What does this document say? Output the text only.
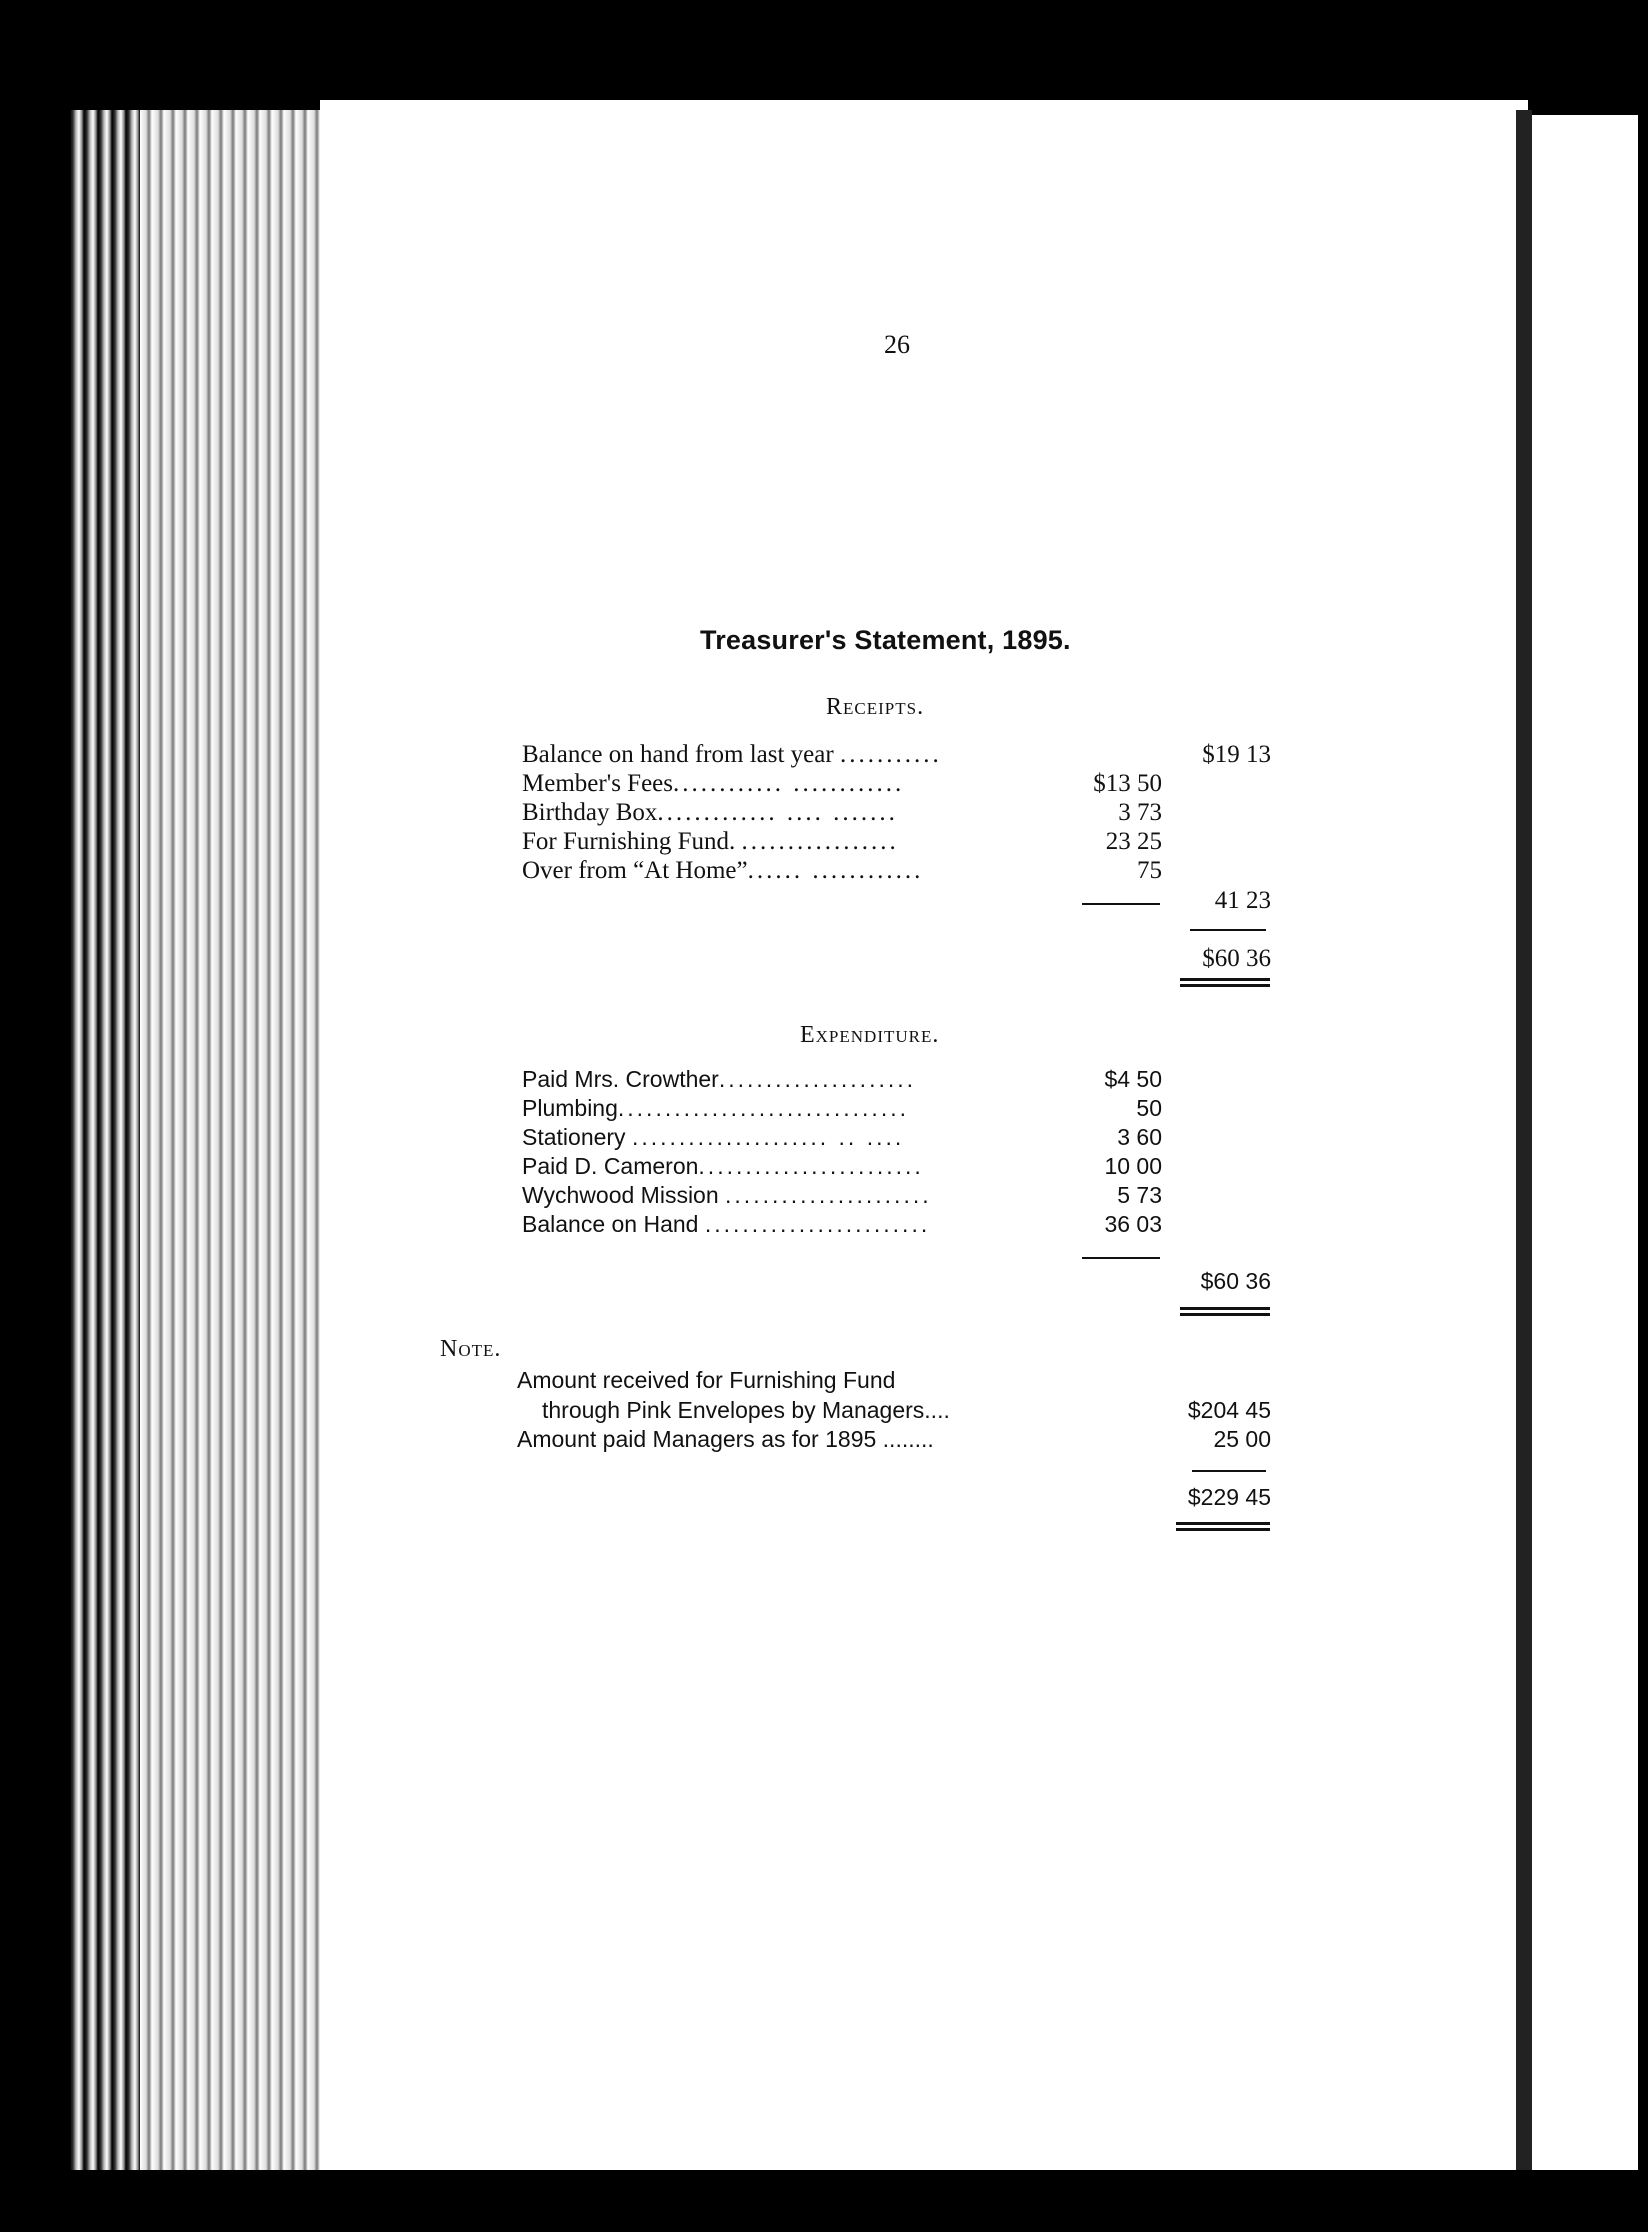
26
Treasurer's Statement, 1895.
Receipts.
Balance on hand from last year ...........	$19 13
Member's Fees............ ............	$13 50
Birthday Box............. .... .......	3 73
For Furnishing Fund. .................	23 25
Over from “At Home”...... ............	75
41 23
$60 36
Expenditure.
Paid Mrs. Crowther.....................	$4 50
Plumbing...............................	50
Stationery ..................... .. ....	3 60
Paid D. Cameron........................	10 00
Wychwood Mission ......................	5 73
Balance on Hand ........................	36 03
$60 36
Note.
Amount received for Furnishing Fund
through Pink Envelopes by Managers....	$204 45
Amount paid Managers as for 1895 ........	25 00
$229 45
